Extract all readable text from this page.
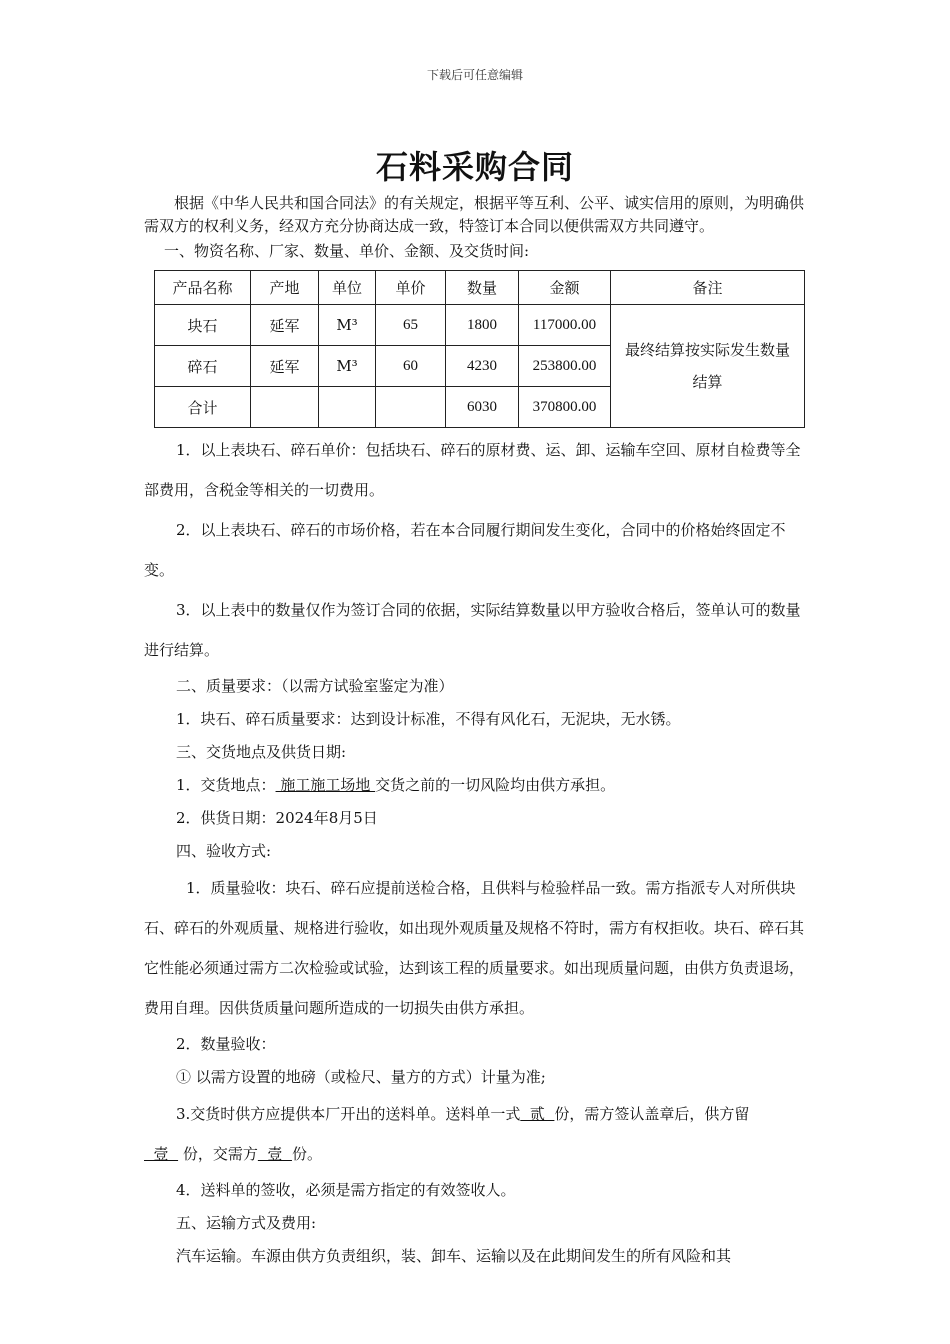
下载后可任意编辑
石料采购合同

根据《中华人民共和国合同法》的有关规定，根据平等互利、公平、诚实信用的原则，为明确供需双方的权利义务，经双方充分协商达成一致，特签订本合同以便供需双方共同遵守。

一、物资名称、厂家、数量、单价、金额、及交货时间:

产品名称	产地	单位	单价	数量	金额	备注
块石	延军	M³	65	1800	117000.00	最终结算按实际发生数量结算

碎石	延军	M³	60	4230	253800.00	
合计				6030	370800.00	

1．以上表块石、碎石单价：包括块石、碎石的原材费、运、卸、运输车空回、原材自检费等全部费用，含税金等相关的一切费用。

2．以上表块石、碎石的市场价格，若在本合同履行期间发生变化，合同中的价格始终固定不变。

3．以上表中的数量仅作为签订合同的依据，实际结算数量以甲方验收合格后，签单认可的数量进行结算。

二、质量要求：（以需方试验室鉴定为准）

1．块石、碎石质量要求：达到设计标准，不得有风化石，无泥块，无水锈。

三、交货地点及供货日期:

1．交货地点： 施工施工场地 交货之前的一切风险均由供方承担。

2．供货日期：2024年8月5日

四、验收方式:

1．质量验收：块石、碎石应提前送检合格，且供料与检验样品一致。需方指派专人对所供块石、碎石的外观质量、规格进行验收，如出现外观质量及规格不符时，需方有权拒收。块石、碎石其它性能必须通过需方二次检验或试验，达到该工程的质量要求。如出现质量问题，由供方负责退场，费用自理。因供货质量问题所造成的一切损失由供方承担。

2．数量验收：

① 以需方设置的地磅（或检尺、量方的方式）计量为准;

3.交货时供方应提供本厂开出的送料单。送料单一式  贰  份，需方签认盖章后，供方留  壹   份，交需方  壹  份。

4．送料单的签收，必须是需方指定的有效签收人。

五、运输方式及费用:

汽车运输。车源由供方负责组织，装、卸车、运输以及在此期间发生的所有风险和其
